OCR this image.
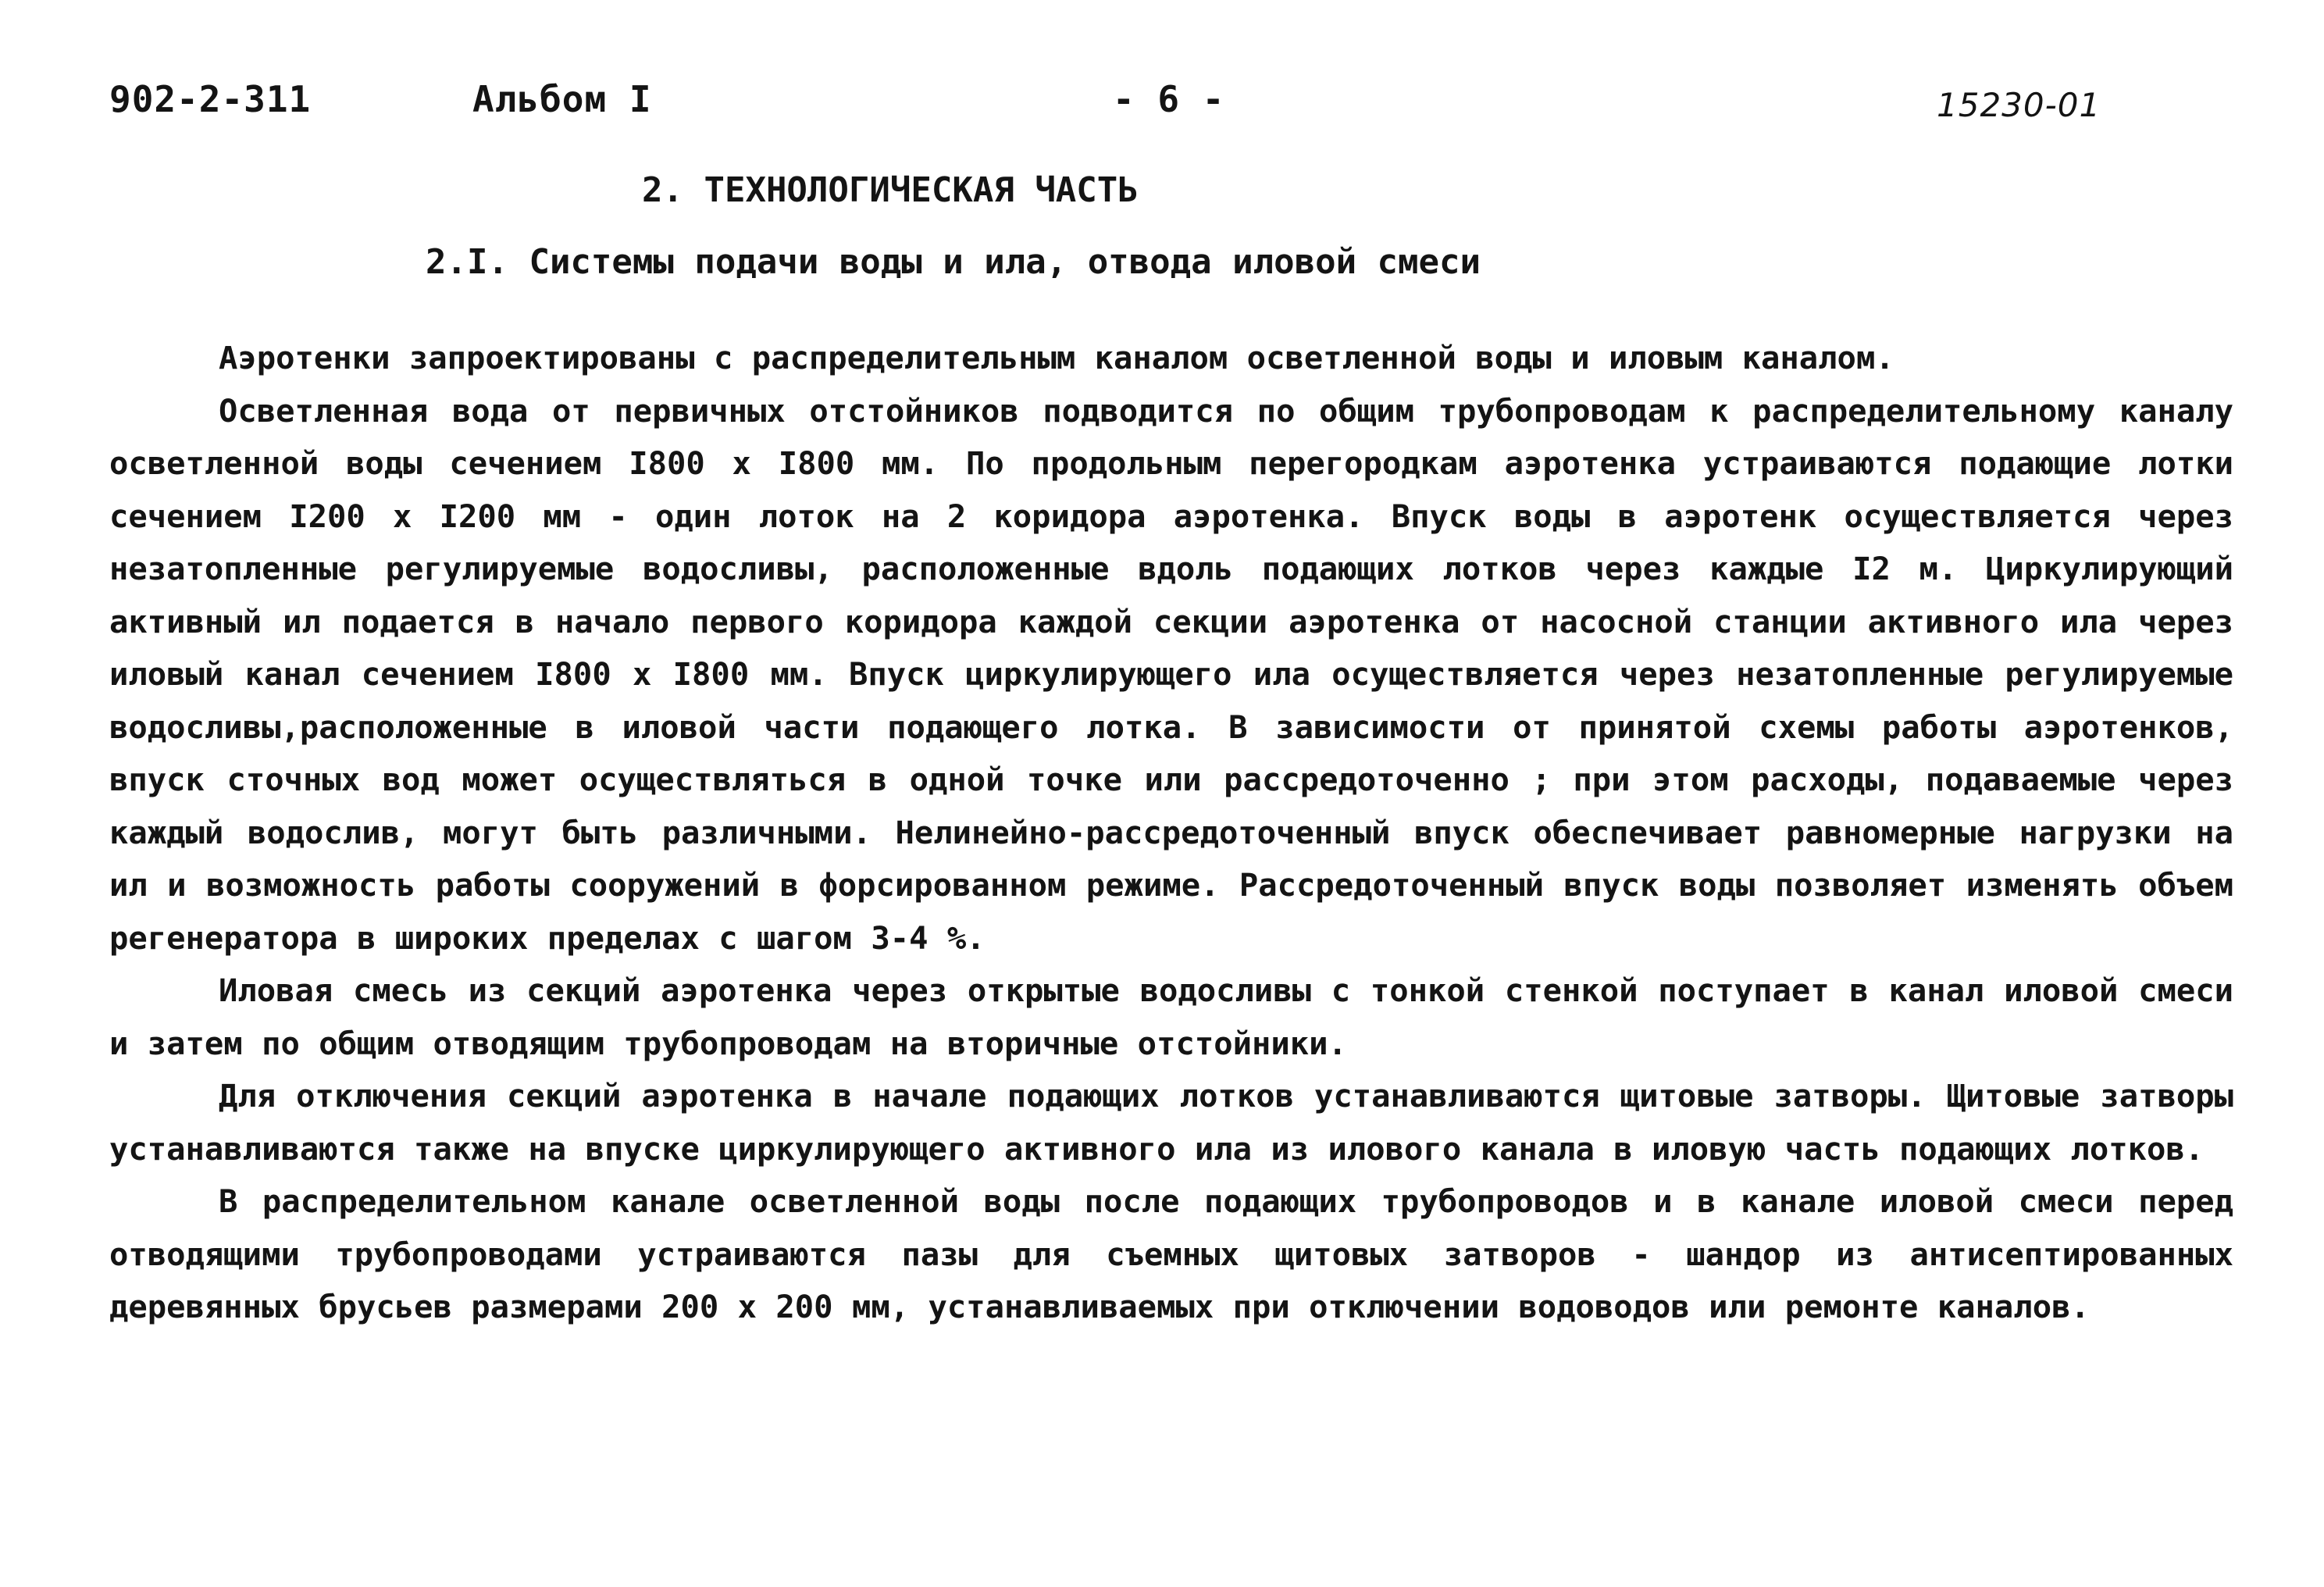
902-2-311	Альбом I	- 6 -	15230-01
2. ТЕХНОЛОГИЧЕСКАЯ ЧАСТЬ
2.I. Системы подачи воды и ила, отвода иловой смеси

Аэротенки запроектированы с распределительным каналом осветленной воды и иловым каналом.

Осветленная вода от первичных отстойников подводится по общим трубопроводам к распределительному каналу осветленной воды сечением I800 x I800 мм. По продольным перегородкам аэротенка устраиваются подающие лотки сечением I200 x I200 мм - один лоток на 2 коридора аэротенка. Впуск воды в аэротенк осуществляется через незатопленные регулируемые водосливы, расположенные вдоль подающих лотков через каждые I2 м. Циркулирующий активный ил подается в начало первого коридора каждой секции аэротенка от насосной станции активного ила через иловый канал сечением I800 x I800 мм. Впуск циркулирующего ила осуществляется через незатопленные регулируемые водосливы,расположенные в иловой части подающего лотка. В зависимости от принятой схемы работы аэротенков, впуск сточных вод может осуществляться в одной точке или рассредоточенно ; при этом расходы, подаваемые через каждый водослив, могут быть различными. Нелинейно-рассредоточенный впуск обеспечивает равномерные нагрузки на ил и возможность работы сооружений в форсированном режиме. Рассредоточенный впуск воды позволяет изменять объем регенератора в широких пределах с шагом 3-4 %.

Иловая смесь из секций аэротенка через открытые водосливы с тонкой стенкой поступает в канал иловой смеси и затем по общим отводящим трубопроводам на вторичные отстойники.

Для отключения секций аэротенка в начале подающих лотков устанавливаются щитовые затворы. Щитовые затворы устанавливаются также на впуске циркулирующего активного ила из илового канала в иловую часть подающих лотков.

В распределительном канале осветленной воды после подающих трубопроводов и в канале иловой смеси перед отводящими трубопроводами устраиваются пазы для съемных щитовых затворов - шандор из антисептированных деревянных брусьев размерами 200 x 200 мм, устанавливаемых при отключении водоводов или ремонте каналов.
